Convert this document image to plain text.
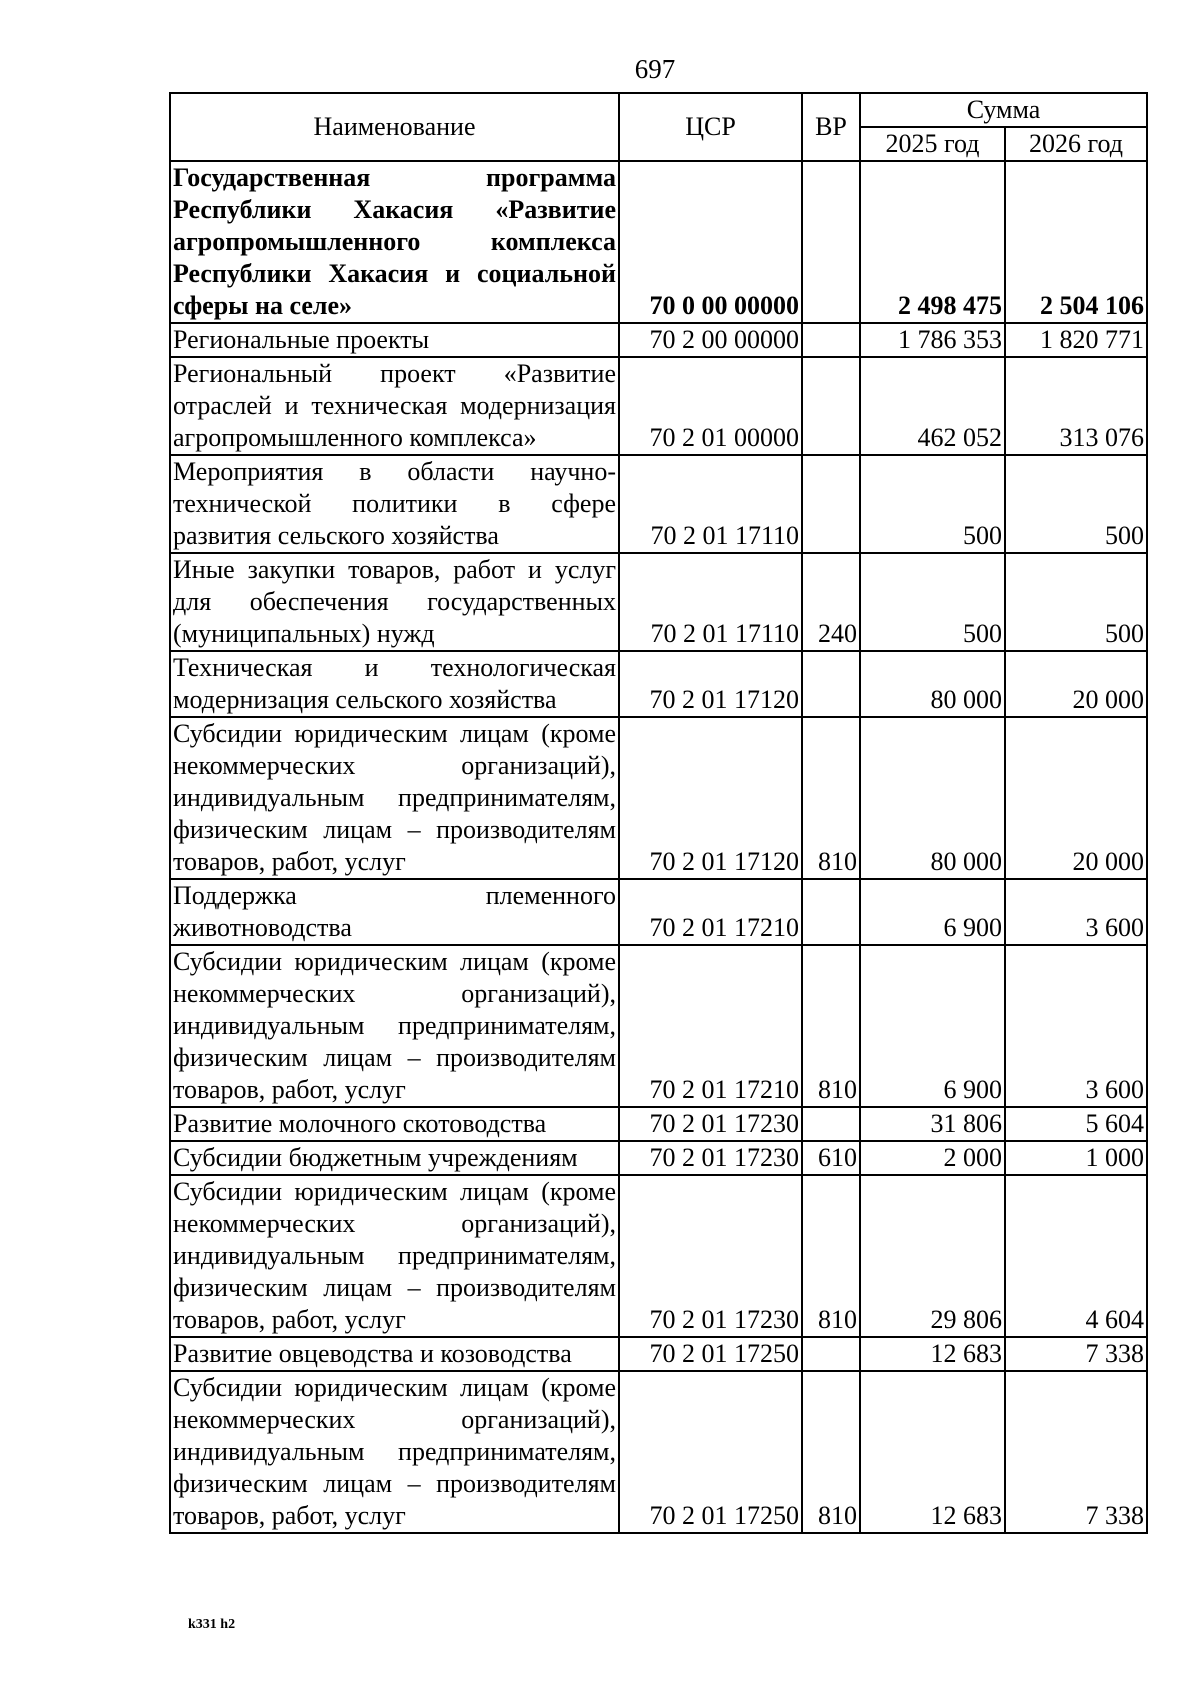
697
Наименование	ЦСР	ВР	Сумма	
			2025 год	2026 год
Государственная программа Республики Хакасия «Развитие агропромышленного комплекса Республики Хакасия и социальной сферы на селе»	70 0 00 00000		2 498 475	2 504 106
Региональные проекты	70 2 00 00000		1 786 353	1 820 771
Региональный проект «Развитие отраслей и техническая модернизация агропромышленного комплекса»	70 2 01 00000		462 052	313 076
Мероприятия в области научно-технической политики в сфере развития сельского хозяйства	70 2 01 17110		500	500
Иные закупки товаров, работ и услуг для обеспечения государственных (муниципальных) нужд	70 2 01 17110	240	500	500
Техническая и технологическая модернизация сельского хозяйства	70 2 01 17120		80 000	20 000
Субсидии юридическим лицам (кроме некоммерческих организаций), индивидуальным предпринимателям, физическим лицам – производителям товаров, работ, услуг	70 2 01 17120	810	80 000	20 000
Поддержка племенного животноводства	70 2 01 17210		6 900	3 600
Субсидии юридическим лицам (кроме некоммерческих организаций), индивидуальным предпринимателям, физическим лицам – производителям товаров, работ, услуг	70 2 01 17210	810	6 900	3 600
Развитие молочного скотоводства	70 2 01 17230		31 806	5 604
Субсидии бюджетным учреждениям	70 2 01 17230	610	2 000	1 000
Субсидии юридическим лицам (кроме некоммерческих организаций), индивидуальным предпринимателям, физическим лицам – производителям товаров, работ, услуг	70 2 01 17230	810	29 806	4 604
Развитие овцеводства и козоводства	70 2 01 17250		12 683	7 338
Субсидии юридическим лицам (кроме некоммерческих организаций), индивидуальным предпринимателям, физическим лицам – производителям товаров, работ, услуг	70 2 01 17250	810	12 683	7 338
k331 h2
